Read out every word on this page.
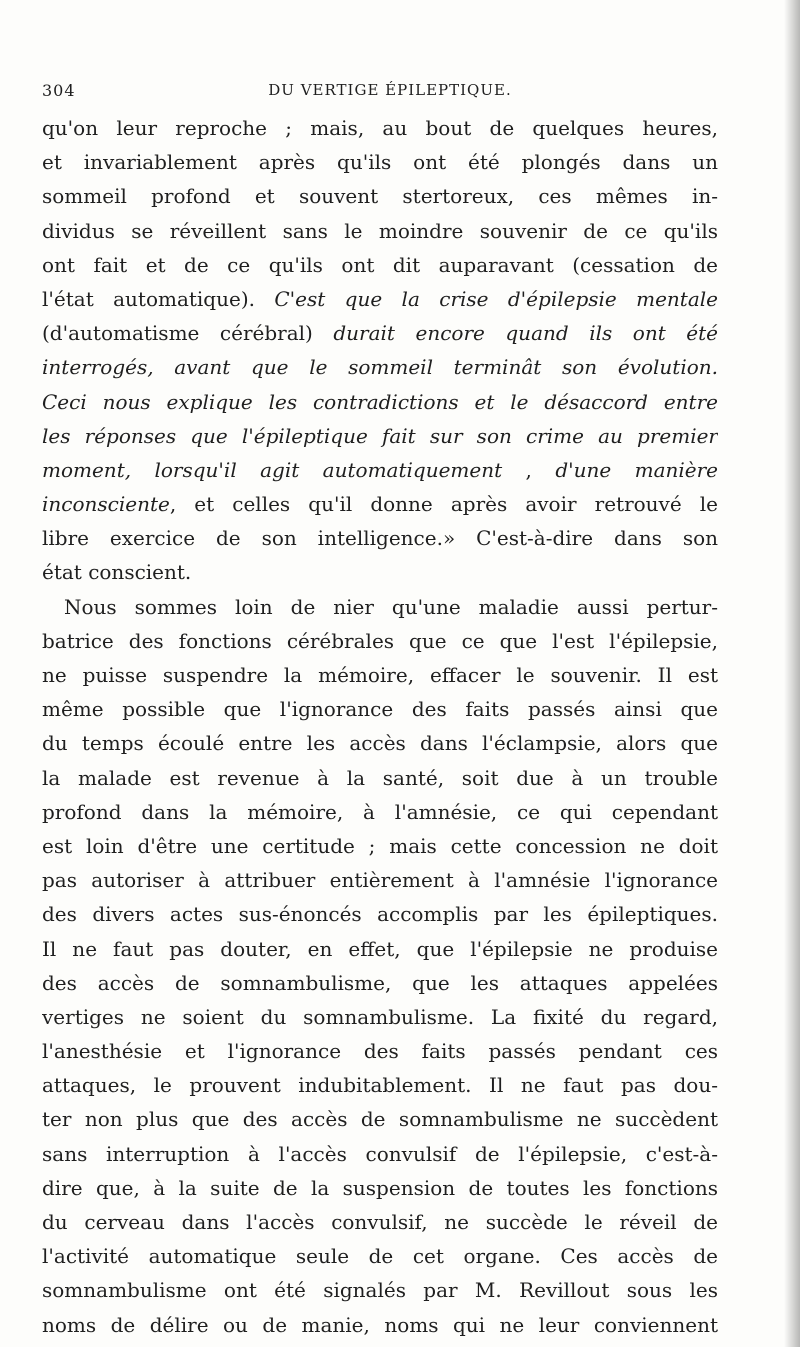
304	DU VERTIGE ÉPILEPTIQUE.
qu'on leur reproche ; mais, au bout de quelques heures,
et invariablement après qu'ils ont été plongés dans un
sommeil profond et souvent stertoreux, ces mêmes in-
dividus se réveillent sans le moindre souvenir de ce qu'ils
ont fait et de ce qu'ils ont dit auparavant (cessation de
l'état automatique). C'est que la crise d'épilepsie mentale
(d'automatisme cérébral) durait encore quand ils ont été
interrogés, avant que le sommeil terminât son évolution.
Ceci nous explique les contradictions et le désaccord entre
les réponses que l'épileptique fait sur son crime au premier
moment, lorsqu'il agit automatiquement , d'une manière
inconsciente, et celles qu'il donne après avoir retrouvé le
libre exercice de son intelligence.» C'est-à-dire dans son
état conscient.
Nous sommes loin de nier qu'une maladie aussi pertur-
batrice des fonctions cérébrales que ce que l'est l'épilepsie,
ne puisse suspendre la mémoire, effacer le souvenir. Il est
même possible que l'ignorance des faits passés ainsi que
du temps écoulé entre les accès dans l'éclampsie, alors que
la malade est revenue à la santé, soit due à un trouble
profond dans la mémoire, à l'amnésie, ce qui cependant
est loin d'être une certitude ; mais cette concession ne doit
pas autoriser à attribuer entièrement à l'amnésie l'ignorance
des divers actes sus-énoncés accomplis par les épileptiques.
Il ne faut pas douter, en effet, que l'épilepsie ne produise
des accès de somnambulisme, que les attaques appelées
vertiges ne soient du somnambulisme. La fixité du regard,
l'anesthésie et l'ignorance des faits passés pendant ces
attaques, le prouvent indubitablement. Il ne faut pas dou-
ter non plus que des accès de somnambulisme ne succèdent
sans interruption à l'accès convulsif de l'épilepsie, c'est-à-
dire que, à la suite de la suspension de toutes les fonctions
du cerveau dans l'accès convulsif, ne succède le réveil de
l'activité automatique seule de cet organe. Ces accès de
somnambulisme ont été signalés par M. Revillout sous les
noms de délire ou de manie, noms qui ne leur conviennent
